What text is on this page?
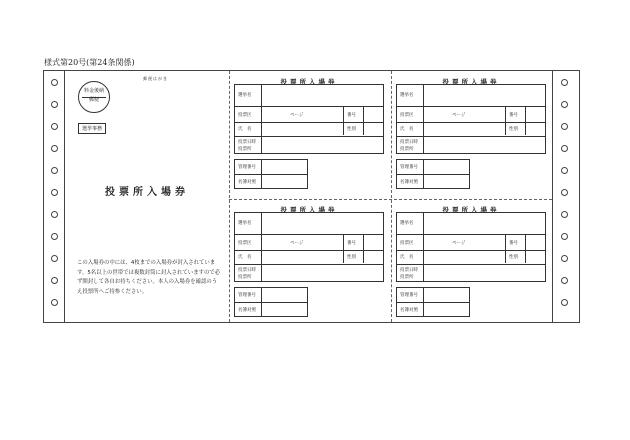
様式第20号(第24条関係)
郵便はがき
料金後納
郵便
選挙事務
投票所入場券
この入場券の中には、4枚までの入場券が封入されています。5名以上の世帯では複数封筒に封入されていますので必ず開封して各自お持ちください。本人の入場券を確認のうえ投票所へご持参ください。
投票所入場券
選挙名
投票区	ページ	番号
氏　名	性別
投票日時
投票所
管理番号
名簿対照
投票所入場券
選挙名
投票区	ページ	番号
氏　名	性別
投票日時
投票所
管理番号
名簿対照
投票所入場券
選挙名
投票区	ページ	番号
氏　名	性別
投票日時
投票所
管理番号
名簿対照
投票所入場券
選挙名
投票区	ページ	番号
氏　名	性別
投票日時
投票所
管理番号
名簿対照
